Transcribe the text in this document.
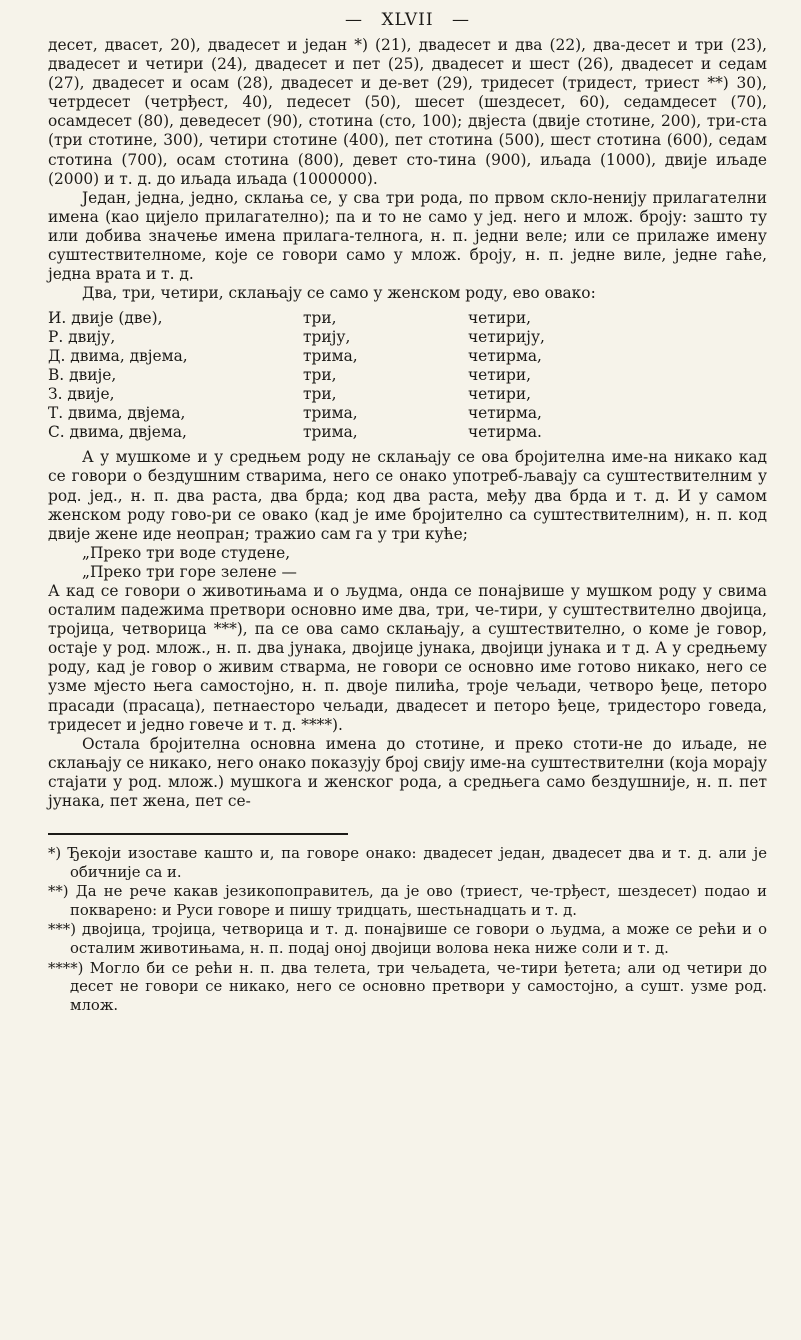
— XLVII —

десет, двасет, 20), двадесет и један *) (21), двадесет и два (22), два-десет и три (23), двадесет и четири (24), двадесет и пет (25), двадесет и шест (26), двадесет и седам (27), двадесет и осам (28), двадесет и де-вет (29), тридесет (тридест, триест **) 30), четрдесет (четрђест, 40), педесет (50), шесет (шездесет, 60), седамдесет (70), осамдесет (80), деведесет (90), стотина (сто, 100); двјеста (двије стотине, 200), три-ста (три стотине, 300), четири стотине (400), пет стотина (500), шест стотина (600), седам стотина (700), осам стотина (800), девет сто-тина (900), иљада (1000), двије иљаде (2000) и т. д. до иљада иљада (1000000).

Један, једна, једно, склања се, у сва три рода, по првом скло-ненију прилагателни имена (као цијело прилагателно); па и то не само у јед. него и млож. броју: зашто ту или добива значење имена прилага-телнога, н. п. једни веле; или се прилаже имену суштествителноме, које се говори само у млож. броју, н. п. једне виле, једне гаће, једна врата и т. д.

Два, три, четири, склањају се само у женском роду, ево овако:

И. двије (две),
Р. двију,
Д. двима, двјема,
В. двије,
З. двије,
Т. двима, двјема,
С. двима, двјема,
три,
трију,
трима,
три,
три,
трима,
трима,
четири,
четирију,
четирма,
четири,
четири,
четирма,
четирма.

А у мушкоме и у средњем роду не склањају се ова бројителна име-на никако кад се говори о бездушним стварима, него се онако употреб-љавају са суштествителним у род. јед., н. п. два раста, два брда; код два раста, међу два брда и т. д. И у самом женском роду гово-ри се овако (кад је име бројително са суштествителним), н. п. код двије жене иде неопран; тражио сам га у три куће;

„Преко три воде студене,

„Преко три горе зелене —

А кад се говори о животињама и о људма, онда се понајвише у мушком роду у свима осталим падежима претвори основно име два, три, че-тири, у суштествително двојица, тројица, четворица ***), па се ова само склањају, а суштествително, о коме је говор, остаје у род. млож., н. п. два јунака, двојице јунака, двојици јунака и т д. А у средњему роду, кад је говор о живим стварма, не говори се основно име готово никако, него се узме мјесто њега самостојно, н. п. двоје пилића, троје чељади, четворо ђеце, петоро прасади (прасаца), петнаесторо чељади, двадесет и петоро ђеце, тридесторо говеда, тридесет и једно говече и т. д. ****).

Остала бројителна основна имена до стотине, и преко стоти-не до иљаде, не склањају се никако, него онако показују број свију име-на суштествителни (која морају стајати у род. млож.) мушкога и женског рода, а средњега само бездушније, н. п. пет јунака, пет жена, пет се-

*) Ђекоји изоставе кашто и, па говоре онако: двадесет један, двадесет два и т. д. али је обичније са и.

**) Да не рече какав језикопоправитељ, да је ово (триест, че-трђест, шездесет) подао и покварено: и Руси говоре и пишу тридцать, шестьнадцать и т. д.

***) двојица, тројица, четворица и т. д. понајвише се говори о људма, а може се рећи и о осталим животињама, н. п. подај оној двојици волова нека ниже соли и т. д.

****) Могло би се рећи н. п. два телета, три чељадета, че-тири ђетета; али од четири до десет не говори се никако, него се основно претвори у самостојно, а сушт. узме род. млож.
